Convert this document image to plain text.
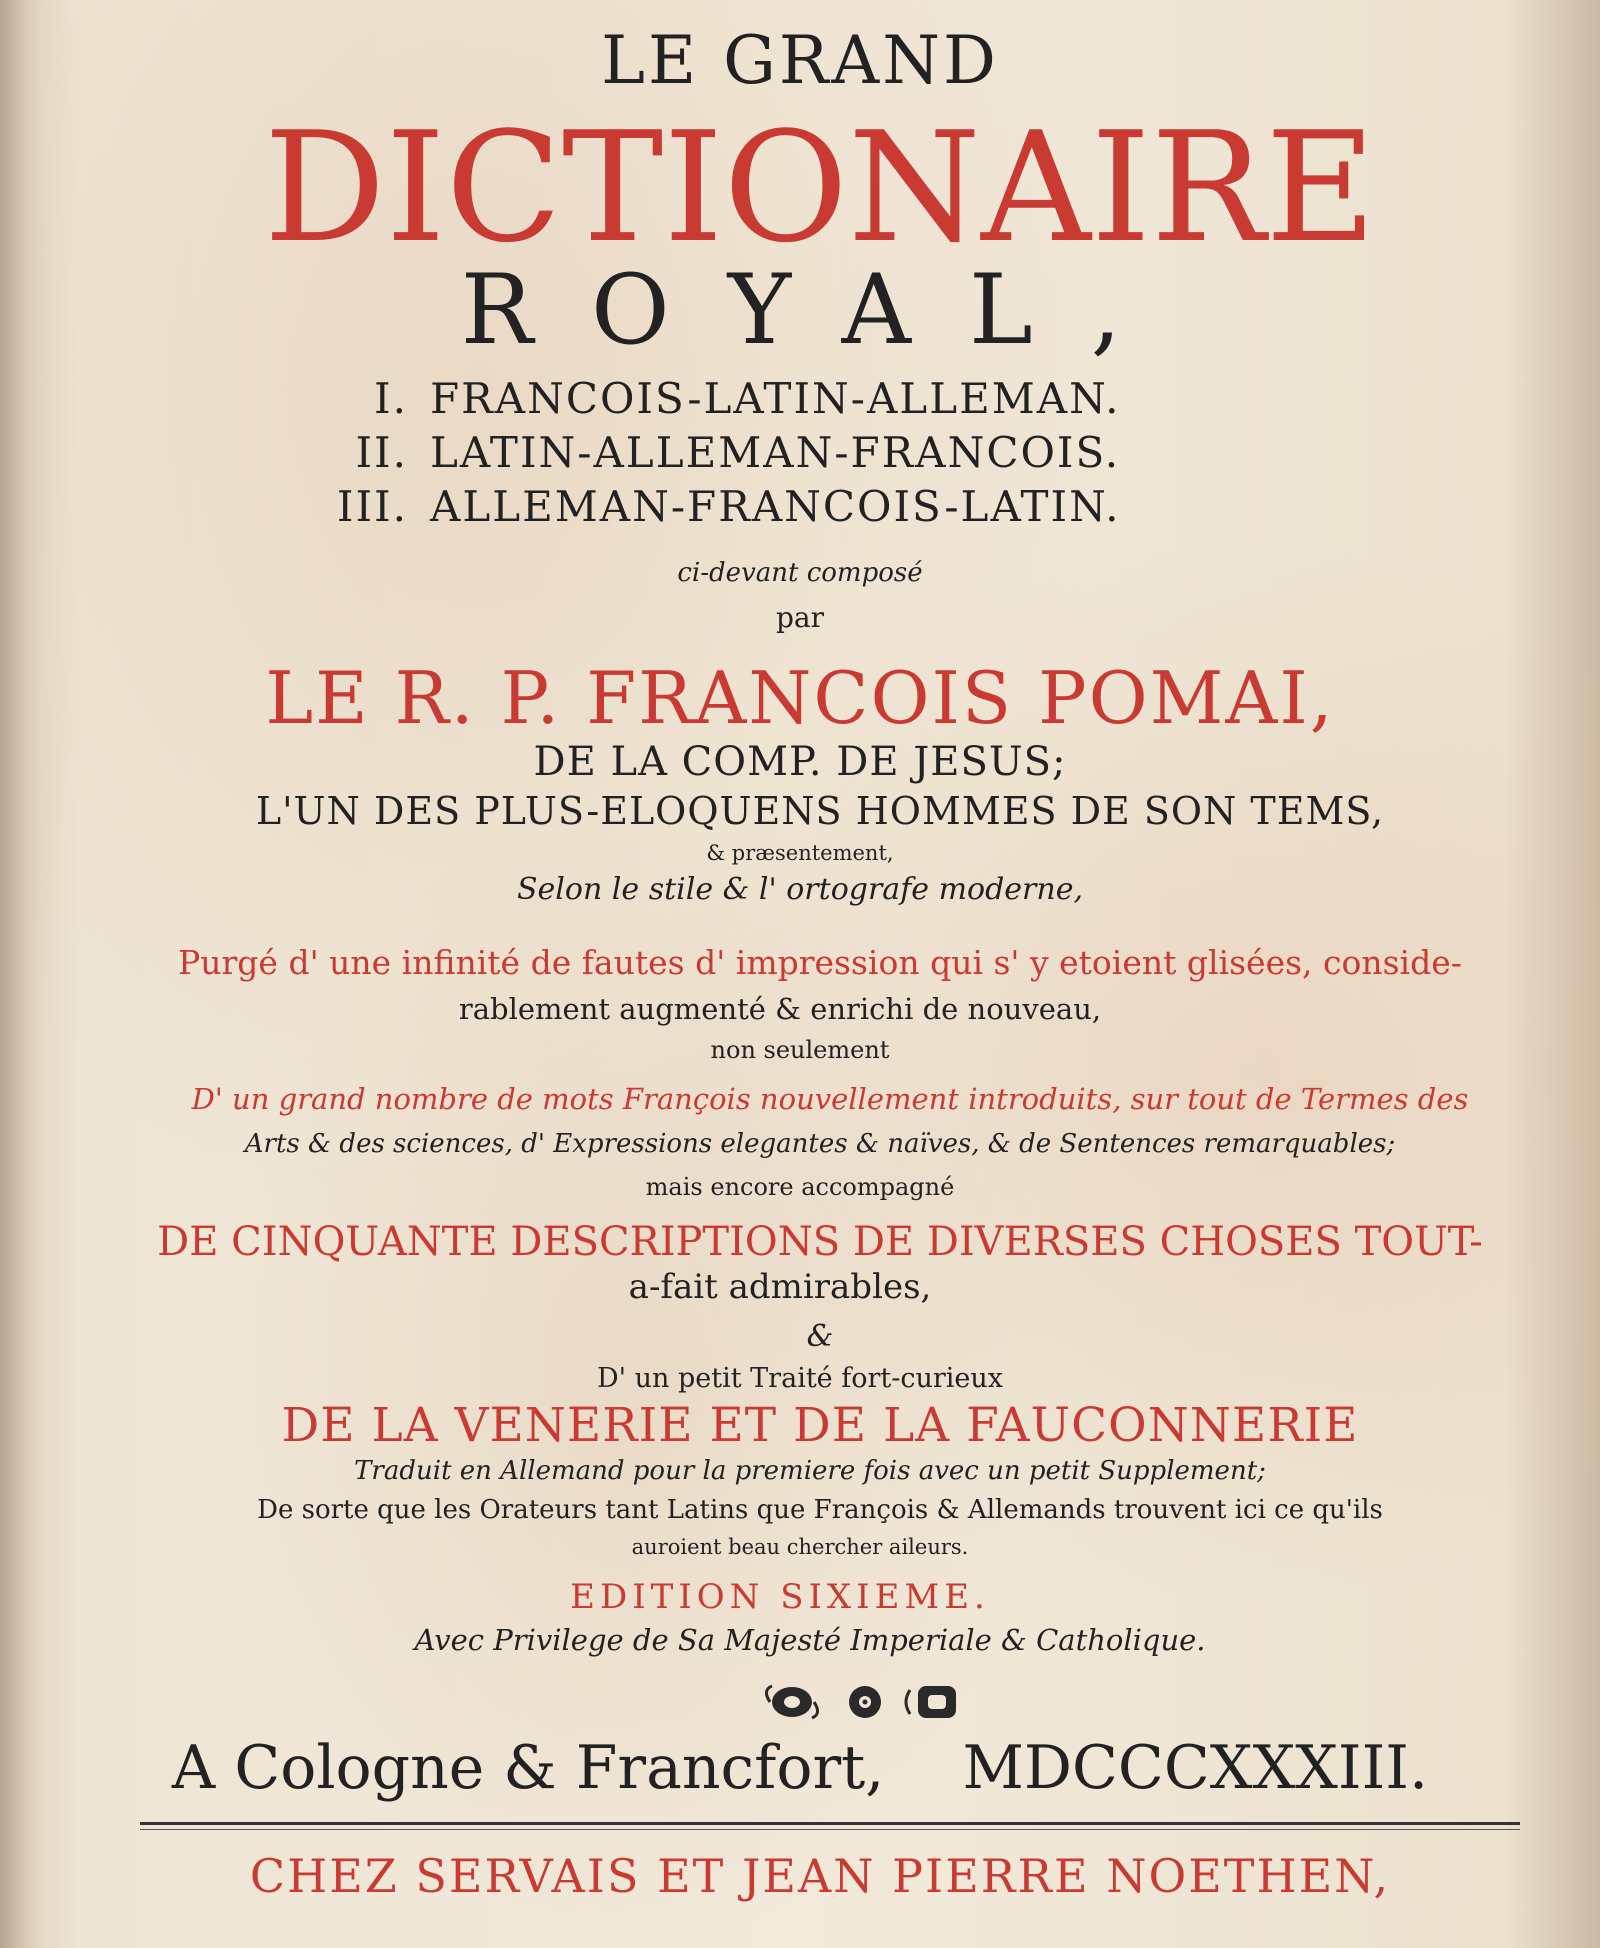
LE GRAND
DICTIONAIRE
ROYAL,
I. FRANCOIS-LATIN-ALLEMAN.
II. LATIN-ALLEMAN-FRANCOIS.
III. ALLEMAN-FRANCOIS-LATIN.
ci-devant composé
par
LE R. P. FRANCOIS POMAI,
DE LA COMP. DE JESUS;
L'UN DES PLUS-ELOQUENS HOMMES DE SON TEMS,
& præsentement,
Selon le stile & l' ortografe moderne,
Purgé d' une infinité de fautes d' impression qui s' y etoient glisées, conside-
rablement augmenté & enrichi de nouveau,
non seulement
D' un grand nombre de mots François nouvellement introduits, sur tout de Termes des
Arts & des sciences, d' Expressions elegantes & naïves, & de Sentences remarquables;
mais encore accompagné
DE CINQUANTE DESCRIPTIONS DE DIVERSES CHOSES TOUT-
a-fait admirables,
&
D' un petit Traité fort-curieux
DE LA VENERIE ET DE LA FAUCONNERIE
Traduit en Allemand pour la premiere fois avec un petit Supplement;
De sorte que les Orateurs tant Latins que François & Allemands trouvent ici ce qu'ils
auroient beau chercher aileurs.
EDITION SIXIEME.
Avec Privilege de Sa Majesté Imperiale & Catholique.
A Cologne & Francfort, MDCCCXXXIII.
CHEZ SERVAIS ET JEAN PIERRE NOETHEN,
